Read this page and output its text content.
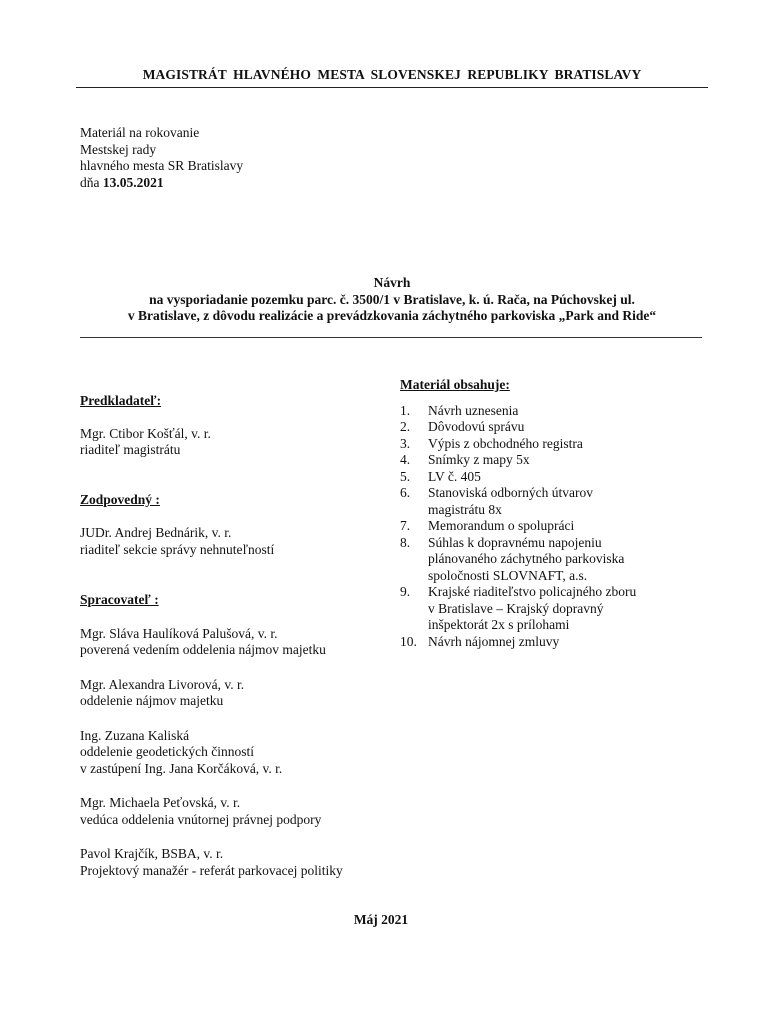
MAGISTRÁT HLAVNÉHO MESTA SLOVENSKEJ REPUBLIKY BRATISLAVY
Materiál na rokovanie
Mestskej rady
hlavného mesta SR Bratislavy
dňa 13.05.2021
Návrh
na vysporiadanie pozemku parc. č. 3500/1 v Bratislave, k. ú. Rača, na Púchovskej ul.
v Bratislave, z dôvodu realizácie a prevádzkovania záchytného parkoviska „Park and Ride“
Predkladateľ:
Mgr. Ctibor Košťál, v. r.
riaditeľ magistrátu
Zodpovedný :
JUDr. Andrej Bednárik, v. r.
riaditeľ sekcie správy nehnuteľností
Spracovateľ :
Mgr. Sláva Haulíková Palušová, v. r.
poverená vedením oddelenia nájmov majetku
Mgr. Alexandra Livorová, v. r.
oddelenie nájmov majetku
Ing. Zuzana Kaliská
oddelenie geodetických činností
v zastúpení Ing. Jana Korčáková, v. r.
Mgr. Michaela Peťovská, v. r.
vedúca oddelenia vnútornej právnej podpory
Pavol Krajčík, BSBA, v. r.
Projektový manažér - referát parkovacej politiky
Materiál obsahuje:
1.	Návrh uznesenia
2.	Dôvodovú správu
3.	Výpis z obchodného registra
4.	Snímky z mapy 5x
5.	LV č. 405
6.	Stanoviská odborných útvarov
magistrátu 8x
7.	Memorandum o spolupráci
8.	Súhlas k dopravnému napojeniu
plánovaného záchytného parkoviska
spoločnosti SLOVNAFT, a.s.
9.	Krajské riaditeľstvo policajného zboru
v Bratislave – Krajský dopravný
inšpektorát 2x s prílohami
10. Návrh nájomnej zmluvy
Máj 2021
